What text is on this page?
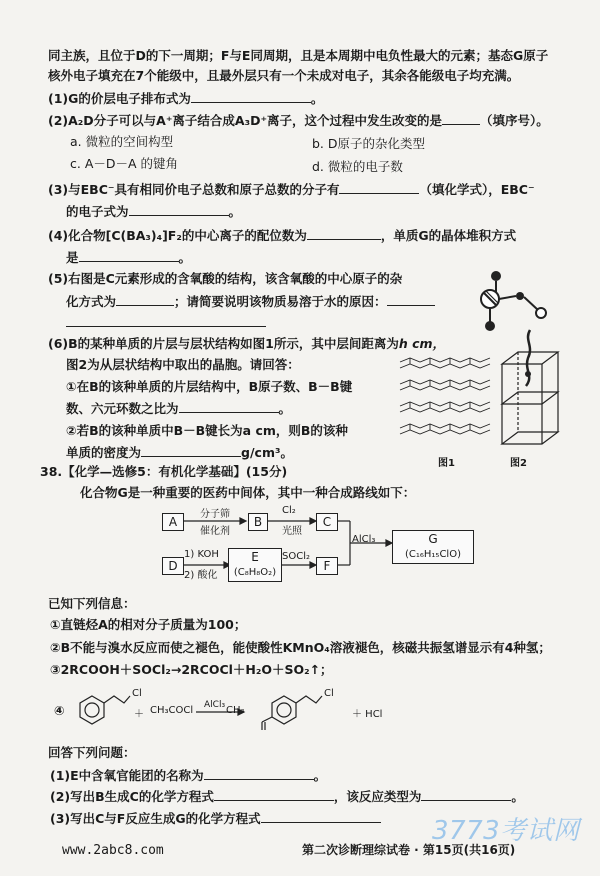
同主族，且位于D的下一周期；F与E同周期，且是本周期中电负性最大的元素；基态G原子
核外电子填充在7个能级中，且最外层只有一个未成对电子，其余各能级电子均充满。
(1)G的价层电子排布式为	。
(2)A₂D分子可以与A⁺离子结合成A₃D⁺离子，这个过程中发生改变的是	（填序号）。
a. 微粒的空间构型	b. D原子的杂化类型
c. A－D－A 的键角	d. 微粒的电子数
(3)与EBC⁻具有相同价电子总数和原子总数的分子有	（填化学式），EBC⁻
的电子式为	。
(4)化合物[C(BA₃)₄]F₂的中心离子的配位数为	，单质G的晶体堆积方式
是	。
(5)右图是C元素形成的含氧酸的结构，该含氧酸的中心原子的杂
化方式为	；请简要说明该物质易溶于水的原因：
(6)B的某种单质的片层与层状结构如图1所示，其中层间距离为h cm，
图2为从层状结构中取出的晶胞。请回答：
①在B的该种单质的片层结构中，B原子数、B－B键
数、六元环数之比为	。
②若B的该种单质中B－B键长为a cm，则B的该种
单质的密度为	g/cm³。
图1	图2
38.【化学—选修5：有机化学基础】(15分)
化合物G是一种重要的医药中间体，其中一种合成路线如下：
A
分子筛
催化剂
B
Cl₂
光照
C
D
1) KOH
2) 酸化
E
(C₈H₈O₂)
SOCl₂
F
AlCl₃	G
(C₁₆H₁₅ClO)
已知下列信息：
①直链烃A的相对分子质量为100；
②B不能与溴水反应而使之褪色，能使酸性KMnO₄溶液褪色，核磁共振氢谱显示有4种氢；
③2RCOOH＋SOCl₂→2RCOCl＋H₂O＋SO₂↑；
④
Cl
＋ CH₃COCl AlCl₃ CH₃
Cl
＋ HCl
回答下列问题：
(1)E中含氧官能团的名称为	。
(2)写出B生成C的化学方程式	，该反应类型为	。
(3)写出C与F反应生成G的化学方程式
www.2abc8.com	第二次诊断理综试卷 · 第15页(共16页)
3773考试网
